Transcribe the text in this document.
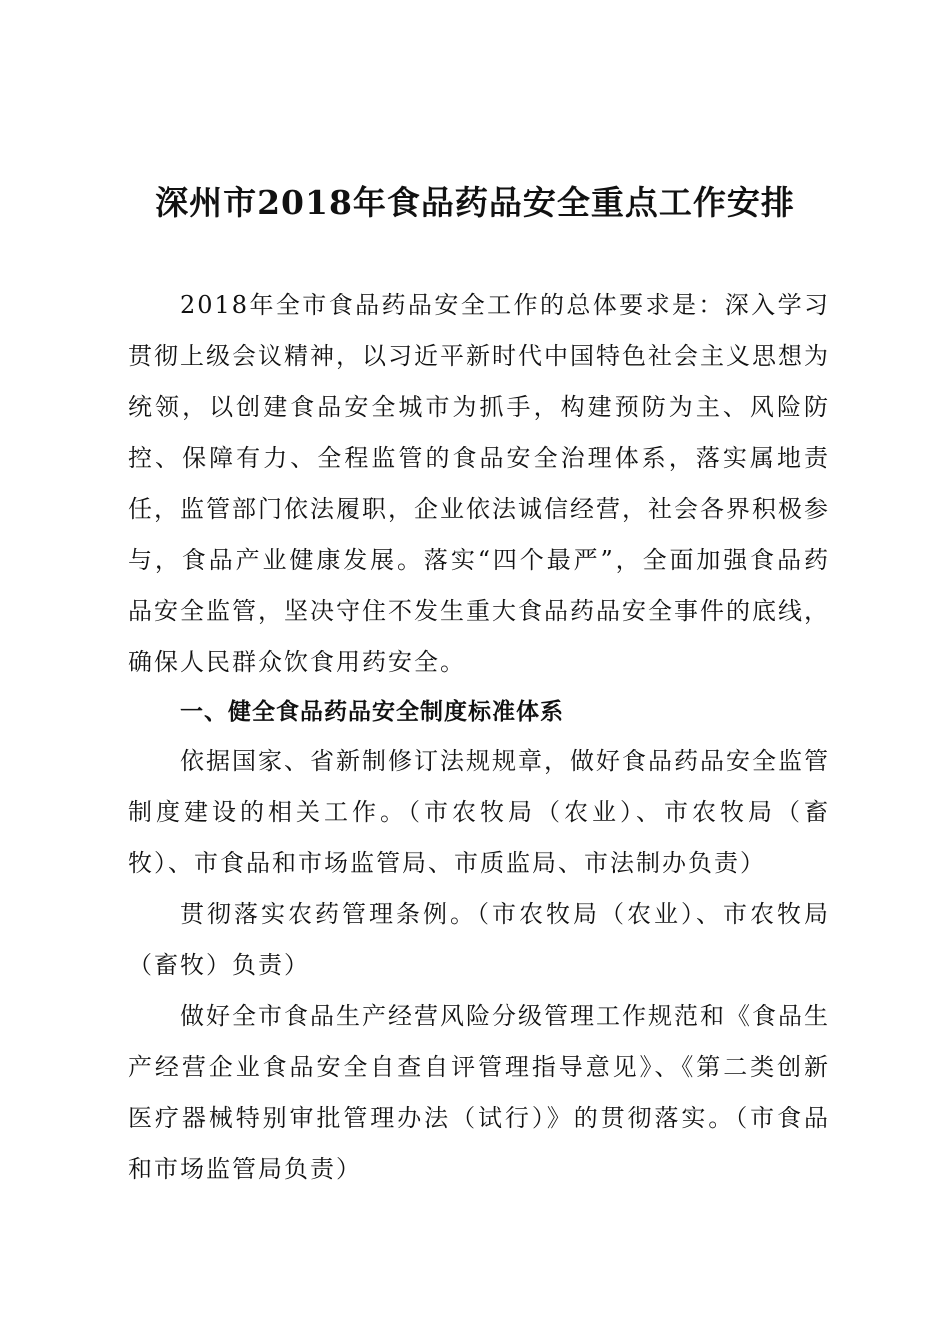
深州市2018年食品药品安全重点工作安排

2018年全市食品药品安全工作的总体要求是：深入学习贯彻上级会议精神，以习近平新时代中国特色社会主义思想为统领，以创建食品安全城市为抓手，构建预防为主、风险防控、保障有力、全程监管的食品安全治理体系，落实属地责任，监管部门依法履职，企业依法诚信经营，社会各界积极参与，食品产业健康发展。落实“四个最严”，全面加强食品药品安全监管，坚决守住不发生重大食品药品安全事件的底线，确保人民群众饮食用药安全。

一、健全食品药品安全制度标准体系

依据国家、省新制修订法规规章，做好食品药品安全监管制度建设的相关工作。（市农牧局（农业）、市农牧局（畜牧）、市食品和市场监管局、市质监局、市法制办负责）

贯彻落实农药管理条例。（市农牧局（农业）、市农牧局（畜牧）负责）

做好全市食品生产经营风险分级管理工作规范和《食品生产经营企业食品安全自查自评管理指导意见》、《第二类创新医疗器械特别审批管理办法（试行）》的贯彻落实。（市食品和市场监管局负责）
